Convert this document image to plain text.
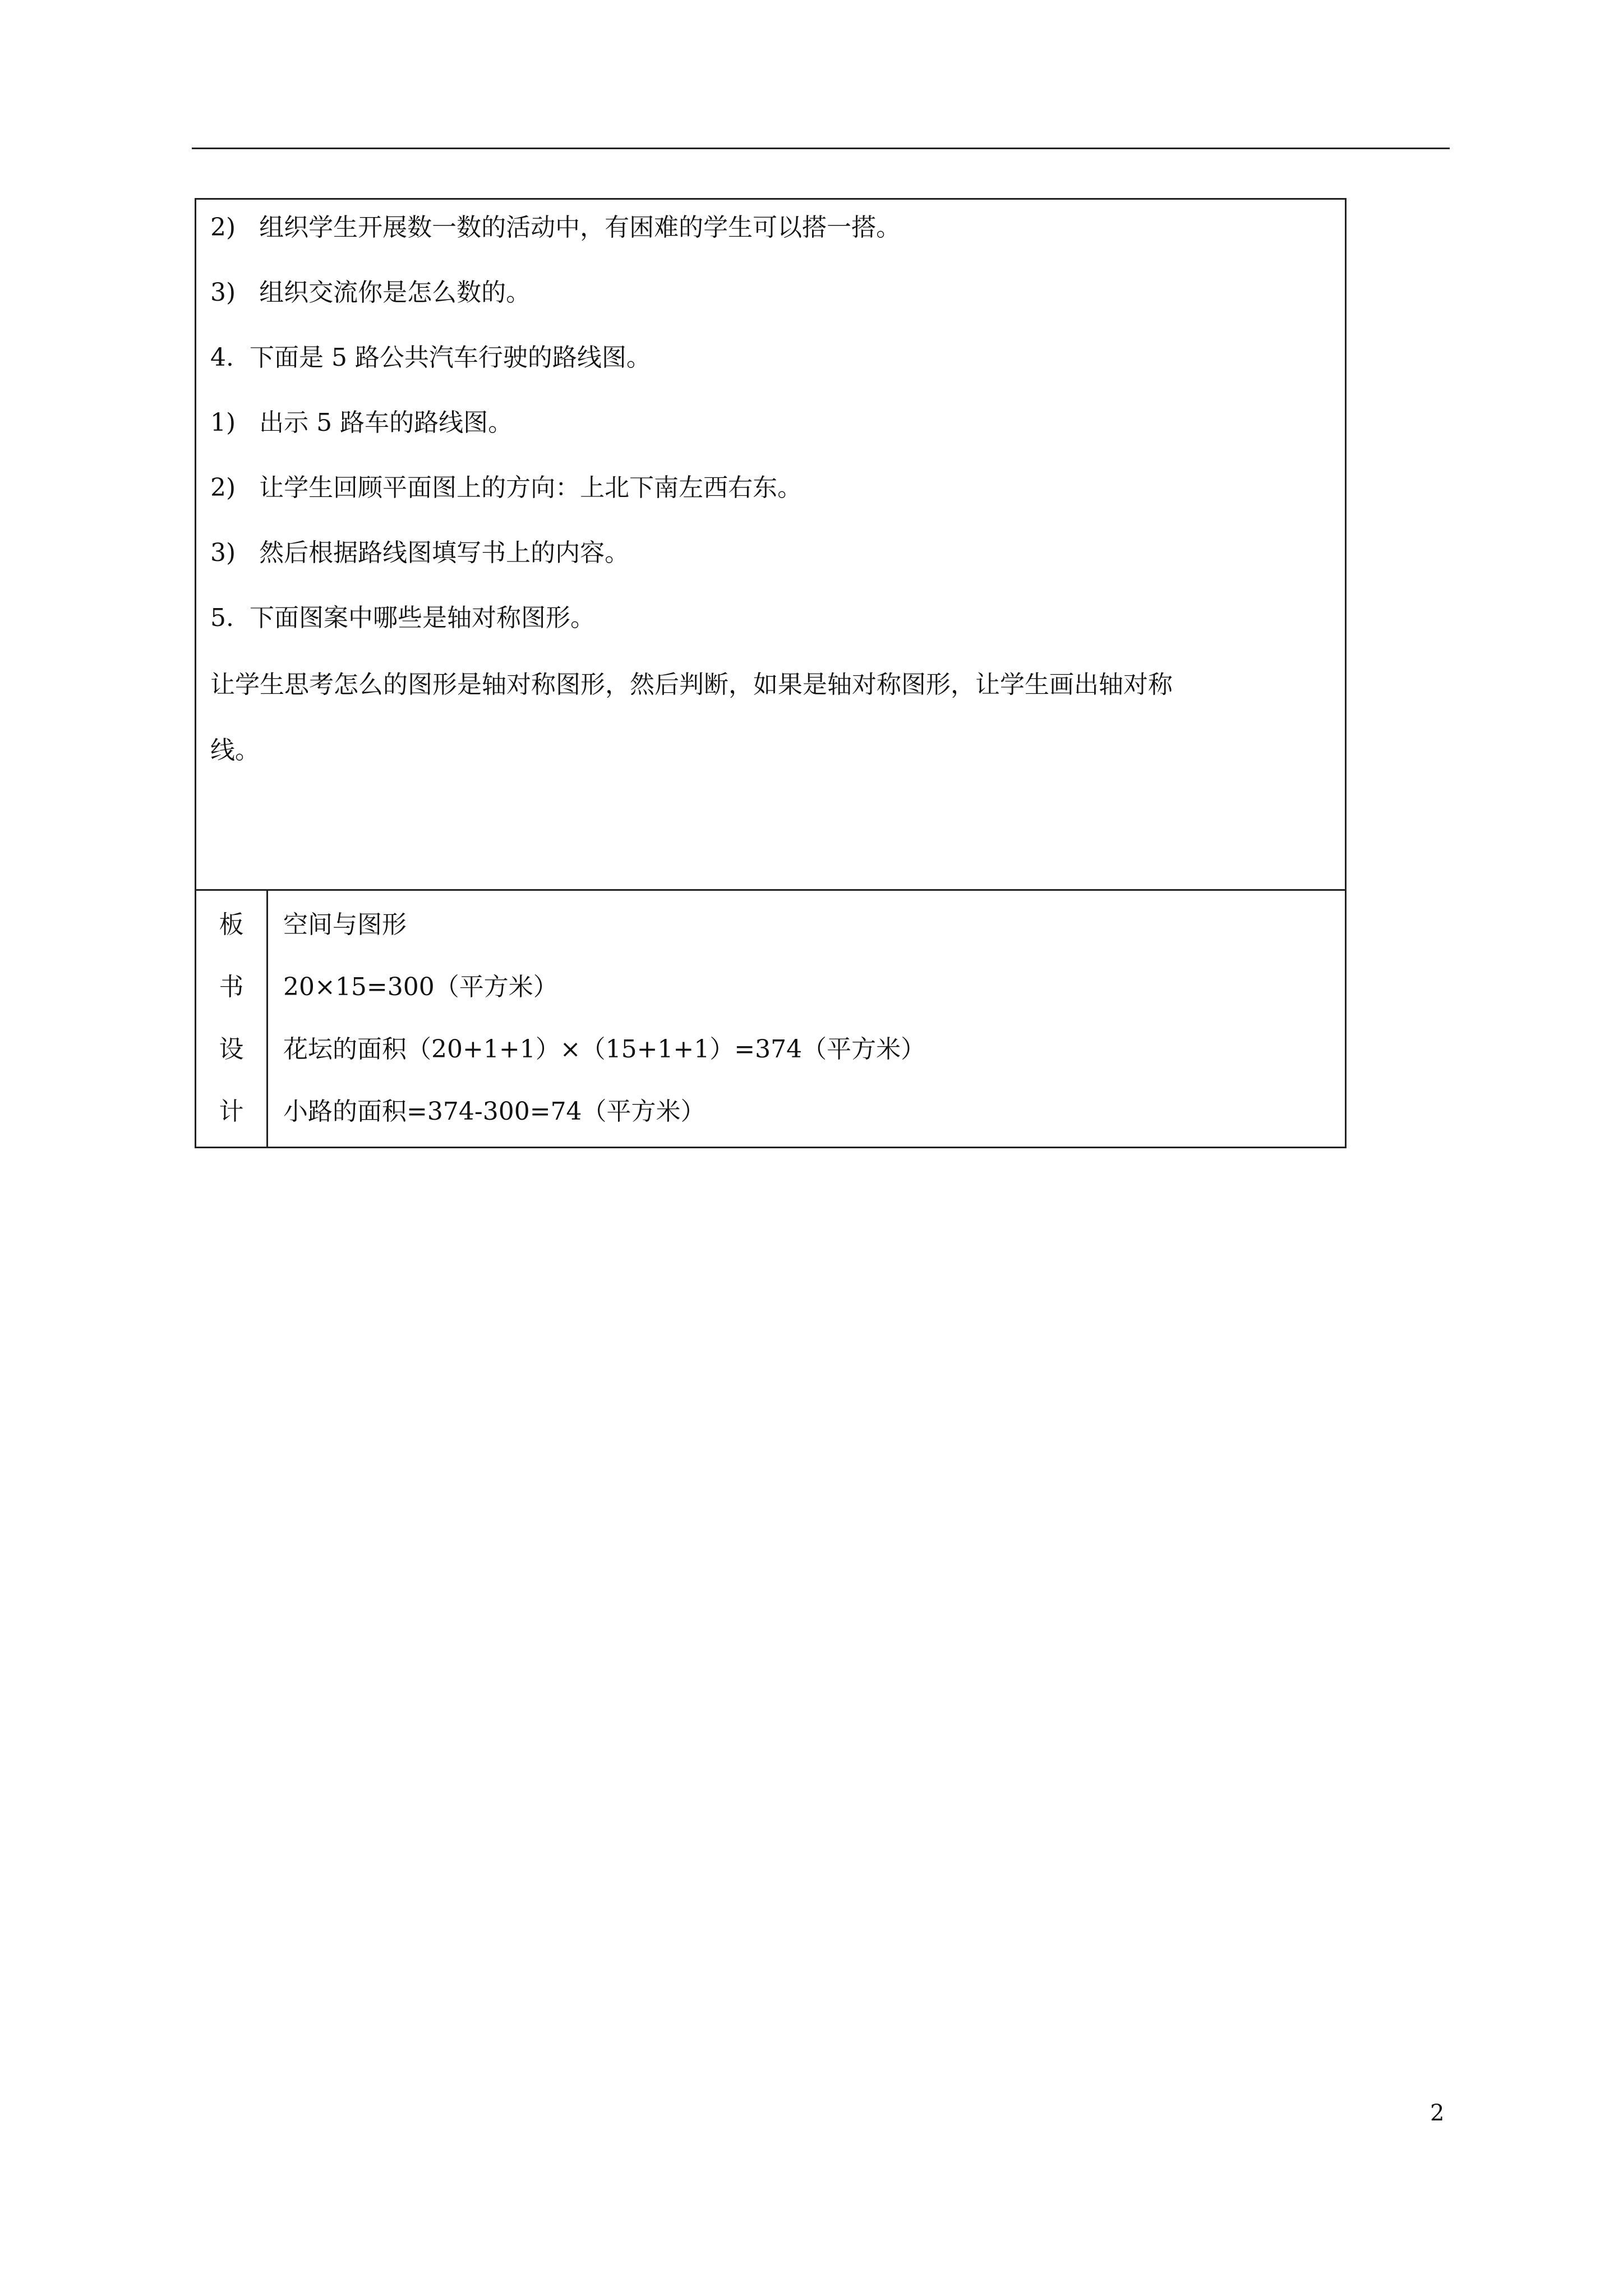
2)   组织学生开展数一数的活动中，有困难的学生可以搭一搭。
3)   组织交流你是怎么数的。
4.  下面是 5 路公共汽车行驶的路线图。
1)   出示 5 路车的路线图。
2)   让学生回顾平面图上的方向：上北下南左西右东。
3)   然后根据路线图填写书上的内容。
5.  下面图案中哪些是轴对称图形。
让学生思考怎么的图形是轴对称图形，然后判断，如果是轴对称图形，让学生画出轴对称
线。
板
书
设
计
空间与图形
20×15=300（平方米）
花坛的面积（20+1+1）×（15+1+1）=374（平方米）
小路的面积=374-300=74（平方米）
2
